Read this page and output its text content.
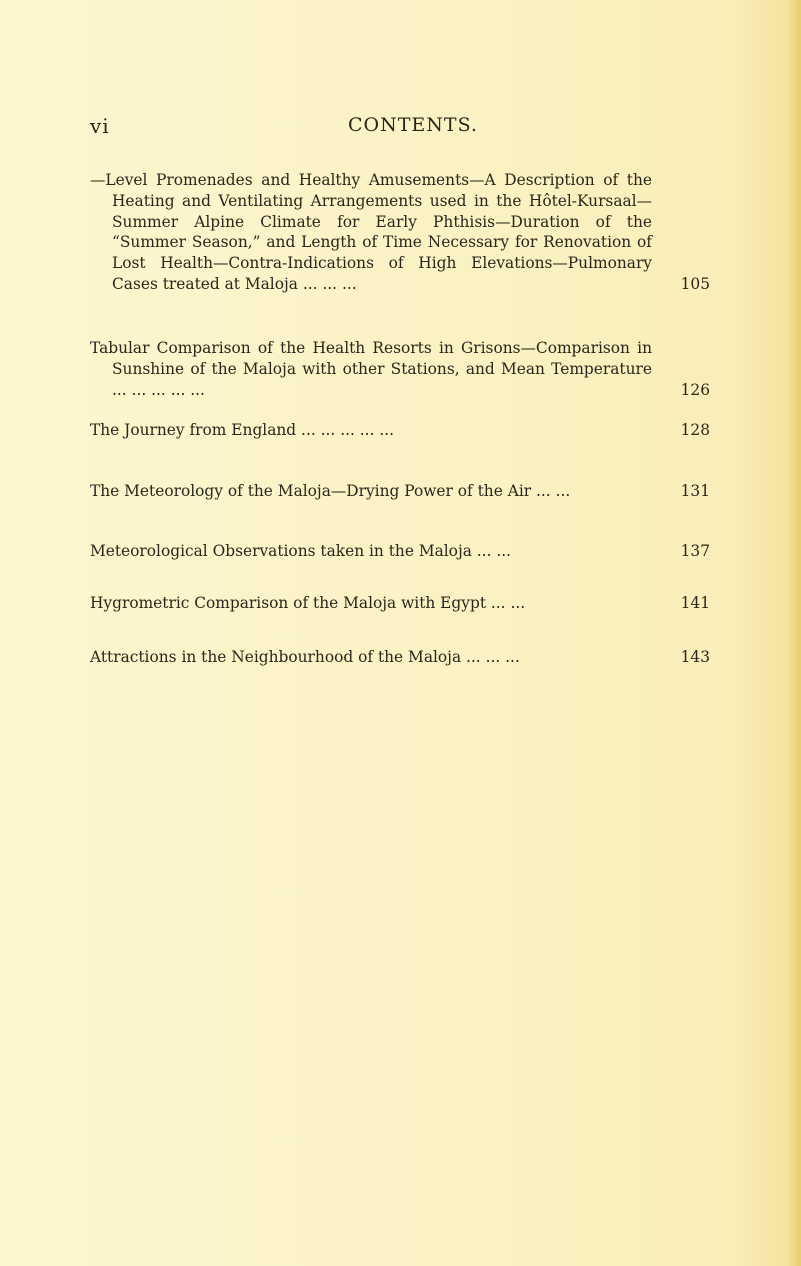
vi	CONTENTS.
—Level Promenades and Healthy Amusements—A Description of the Heating and Ventilating Arrangements used in the Hôtel-Kursaal—Summer Alpine Climate for Early Phthisis—Duration of the “Summer Season,” and Length of Time Necessary for Renovation of Lost Health—Contra-Indications of High Elevations—Pulmonary Cases treated at Maloja ... ... ...	105
Tabular Comparison of the Health Resorts in Grisons—Comparison in Sunshine of the Maloja with other Stations, and Mean Temperature ... ... ... ... ...	126
The Journey from England ... ... ... ... ...	128
The Meteorology of the Maloja—Drying Power of the Air ... ...	131
Meteorological Observations taken in the Maloja ... ...	137
Hygrometric Comparison of the Maloja with Egypt ... ...	141
Attractions in the Neighbourhood of the Maloja ... ... ...	143
